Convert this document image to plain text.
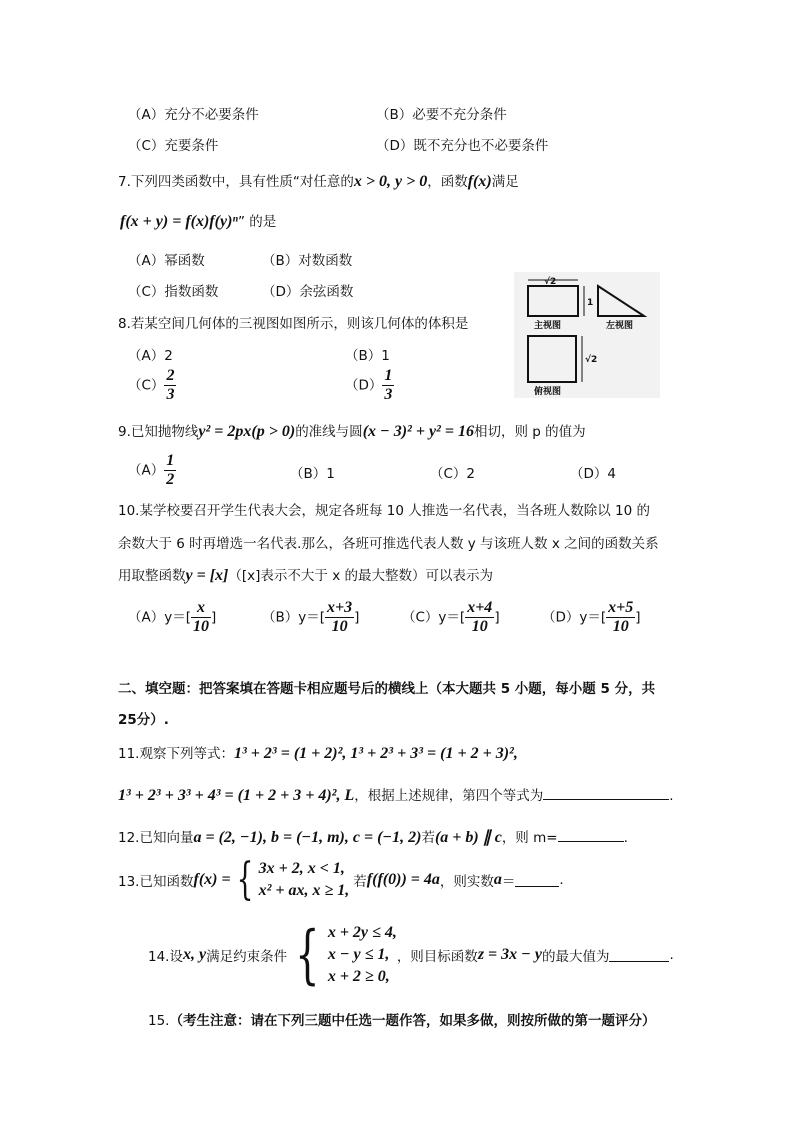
（A）充分不必要条件	（B）必要不充分条件
（C）充要条件	（D）既不充分也不必要条件
7.下列四类函数中，具有性质“对任意的x > 0, y > 0，函数f(x)满足
f(x + y) = f(x)f(y)ⁿ” 的是
（A）幂函数	（B）对数函数
（C）指数函数	（D）余弦函数
8.若某空间几何体的三视图如图所示，则该几何体的体积是
（A）2	（B）1
$(C) \frac{2}{3}$	$(D) \frac{1}{3}$
√2
1
主视图	左视图
√2
俯视图
9.已知抛物线y² = 2px(p > 0)的准线与圆(x − 3)² + y² = 16相切，则 p 的值为
$(A) \frac{1}{2}$	（B）1	（C）2	（D）4
10.某学校要召开学生代表大会，规定各班每 10 人推选一名代表，当各班人数除以 10 的
余数大于 6 时再增选一名代表.那么，各班可推选代表人数 y 与该班人数 x 之间的函数关系
用取整函数y = [x]（[x]表示不大于 x 的最大整数）可以表示为
$(A)y=[ \frac{x}{10}$ ]	$(B)y=[ \frac{x+3}{10}$ ]	$(C)y=[ \frac{x+4}{10}$ ]	$(D)y=[ \frac{x+5}{10}$ ]
二、填空题：把答案填在答题卡相应题号后的横线上（本大题共 5 小题，每小题 5 分，共
25分）.
11.观察下列等式：1³ + 2³ = (1 + 2)², 1³ + 2³ + 3³ = (1 + 2 + 3)²,
1³ + 2³ + 3³ + 4³ = (1 + 2 + 3 + 4)², L，根据上述规律，第四个等式为	.
12.已知向量a = (2, −1), b = (−1, m), c = (−1, 2)若(a + b) ∥ c，则 m=	.
13.已知函数f(x) = { 3x + 2, x < 1,
x² + ax, x ≥ 1, 若f(f(0)) = 4a，则实数a＝	.
14.设x, y满足约束条件 { x + 2y ≤ 4,
x − y ≤ 1,
x + 2 ≥ 0,
，则目标函数z = 3x − y的最大值为	.
15.（考生注意：请在下列三题中任选一题作答，如果多做，则按所做的第一题评分）
